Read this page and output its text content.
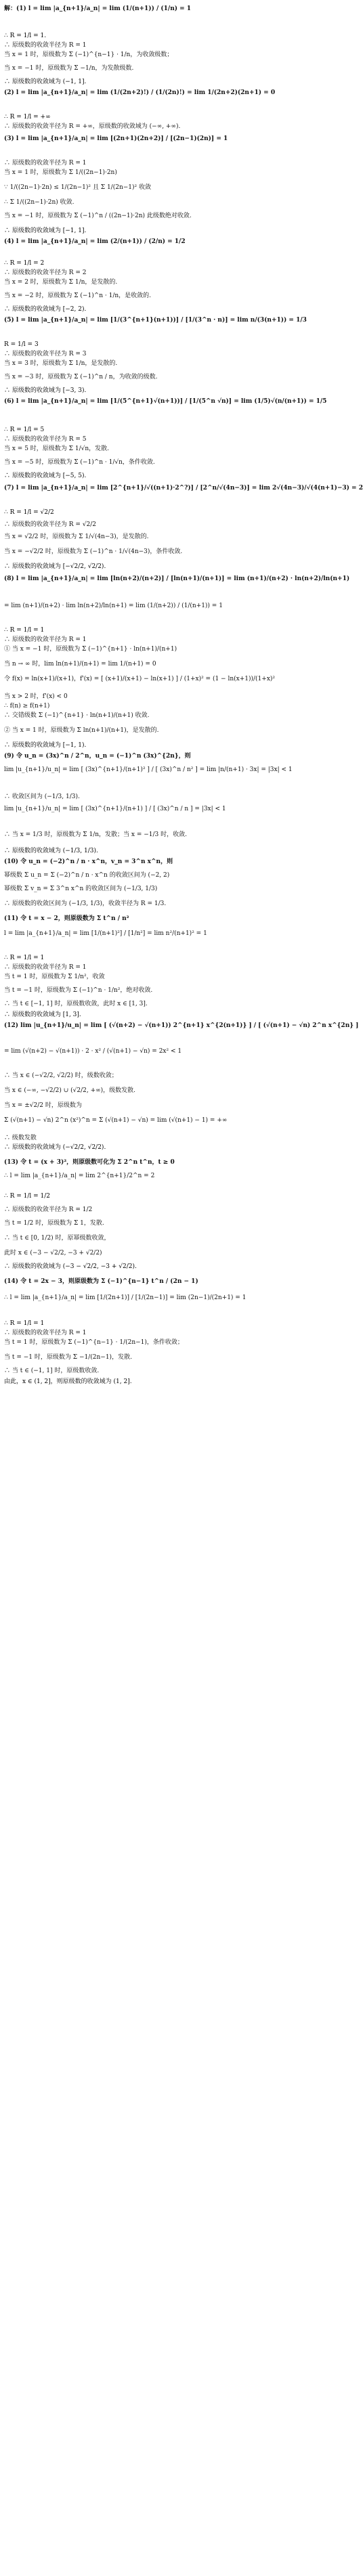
解：(1) l = lim |a_{n+1}/a_n| = lim (1/(n+1)) / (1/n) = 1
∴ R = 1/l = 1.
∴ 原级数的收敛半径为 R = 1
当 x = 1 时，原级数为 Σ (−1)^{n−1} · 1/n，为收敛级数；
当 x = −1 时，原级数为 Σ −1/n，为发散级数.
∴ 原级数的收敛域为 (−1, 1].
(2) l = lim |a_{n+1}/a_n| = lim (1/(2n+2)!) / (1/(2n)!) = lim 1/(2n+2)(2n+1) = 0
∴ R = 1/l = +∞
∴ 原级数的收敛半径为 R = +∞，原级数的收敛域为 (−∞, +∞).
(3) l = lim |a_{n+1}/a_n| = lim [(2n+1)(2n+2)] / [(2n−1)(2n)] = 1
∴ 原级数的收敛半径为 R = 1
当 x = 1 时，原级数为 Σ 1/((2n−1)·2n)
∵ 1/((2n−1)·2n) ≤ 1/(2n−1)² 且 Σ 1/(2n−1)² 收敛
∴ Σ 1/((2n−1)·2n) 收敛.
当 x = −1 时，原级数为 Σ (−1)^n / ((2n−1)·2n) 此级数绝对收敛.
∴ 原级数的收敛域为 [−1, 1].
(4) l = lim |a_{n+1}/a_n| = lim (2/(n+1)) / (2/n) = 1/2
∴ R = 1/l = 2
∴ 原级数的收敛半径为 R = 2
当 x = 2 时，原级数为 Σ 1/n，是发散的.
当 x = −2 时，原级数为 Σ (−1)^n · 1/n，是收敛的.
∴ 原级数的收敛域为 [−2, 2).
(5) l = lim |a_{n+1}/a_n| = lim [1/(3^{n+1}(n+1))] / [1/(3^n · n)] = lim n/(3(n+1)) = 1/3
R = 1/l = 3
∴ 原级数的收敛半径为 R = 3
当 x = 3 时，原级数为 Σ 1/n，是发散的.
当 x = −3 时，原级数为 Σ (−1)^n / n，为收敛的级数.
∴ 原级数的收敛域为 [−3, 3).
(6) l = lim |a_{n+1}/a_n| = lim [1/(5^{n+1}√(n+1))] / [1/(5^n √n)] = lim (1/5)√(n/(n+1)) = 1/5
∴ R = 1/l = 5
∴ 原级数的收敛半径为 R = 5
当 x = 5 时，原级数为 Σ 1/√n，发散.
当 x = −5 时，原级数为 Σ (−1)^n · 1/√n，条件收敛.
∴ 原级数的收敛域为 [−5, 5).
(7) l = lim |a_{n+1}/a_n| = lim [2^{n+1}/√((n+1)·2^?)] / [2^n/√(4n−3)] = lim 2√(4n−3)/√(4(n+1)−3) = 2
∴ R = 1/l = √2/2
∴ 原级数的收敛半径为 R = √2/2
当 x = √2/2 时，原级数为 Σ 1/√(4n−3)，是发散的.
当 x = −√2/2 时，原级数为 Σ (−1)^n · 1/√(4n−3)，条件收敛.
∴ 原级数的收敛域为 [−√2/2, √2/2).
(8) l = lim |a_{n+1}/a_n| = lim [ln(n+2)/(n+2)] / [ln(n+1)/(n+1)] = lim (n+1)/(n+2) · ln(n+2)/ln(n+1)
= lim (n+1)/(n+2) · lim ln(n+2)/ln(n+1) = lim (1/(n+2)) / (1/(n+1)) = 1
∴ R = 1/l = 1
∴ 原级数的收敛半径为 R = 1
① 当 x = −1 时，原级数为 Σ (−1)^{n+1} · ln(n+1)/(n+1)
当 n → ∞ 时，lim ln(n+1)/(n+1) = lim 1/(n+1) = 0
令 f(x) = ln(x+1)/(x+1)，f'(x) = [ (x+1)/(x+1) − ln(x+1) ] / (1+x)² = (1 − ln(x+1))/(1+x)²
当 x > 2 时，f'(x) < 0
∴ f(n) ≥ f(n+1)
∴ 交错级数 Σ (−1)^{n+1} · ln(n+1)/(n+1) 收敛.
② 当 x = 1 时，原级数为 Σ ln(n+1)/(n+1)，是发散的.
∴ 原级数的收敛域为 [−1, 1).
(9) 令 u_n = (3x)^n / 2^n，u_n = (−1)^n (3x)^{2n}，则
lim |u_{n+1}/u_n| = lim [ (3x)^{n+1}/(n+1)² ] / [ (3x)^n / n² ] = lim |n/(n+1) · 3x| = |3x| < 1
∴ 收敛区间为 (−1/3, 1/3).
lim |u_{n+1}/u_n| = lim [ (3x)^{n+1}/(n+1) ] / [ (3x)^n / n ] = |3x| < 1
∴ 当 x = 1/3 时，原级数为 Σ 1/n，发散；当 x = −1/3 时，收敛.
∴ 原级数的收敛域为 (−1/3, 1/3).
(10) 令 u_n = (−2)^n / n · x^n，v_n = 3^n x^n，则
幂级数 Σ u_n = Σ (−2)^n / n · x^n 的收敛区间为 (−2, 2)
幂级数 Σ v_n = Σ 3^n x^n 的收敛区间为 (−1/3, 1/3)
∴ 原级数的收敛区间为 (−1/3, 1/3)，收敛半径为 R = 1/3.
(11) 令 t = x − 2，则原级数为 Σ t^n / n²
l = lim |a_{n+1}/a_n| = lim [1/(n+1)²] / [1/n²] = lim n²/(n+1)² = 1
∴ R = 1/l = 1
∴ 原级数的收敛半径为 R = 1
当 t = 1 时，原级数为 Σ 1/n²，收敛
当 t = −1 时，原级数为 Σ (−1)^n · 1/n²，绝对收敛.
∴ 当 t ∈ [−1, 1] 时，原级数收敛，此时 x ∈ [1, 3].
∴ 原级数的收敛域为 [1, 3].
(12) lim |u_{n+1}/u_n| = lim [ (√(n+2) − √(n+1)) 2^{n+1} x^{2(n+1)} ] / [ (√(n+1) − √n) 2^n x^{2n} ]
= lim (√(n+2) − √(n+1)) · 2 · x² / (√(n+1) − √n) = 2x² < 1
∴ 当 x ∈ (−√2/2, √2/2) 时，级数收敛；
当 x ∈ (−∞, −√2/2) ∪ (√2/2, +∞)，级数发散.
当 x = ±√2/2 时，原级数为
Σ (√(n+1) − √n) 2^n (x²)^n = Σ (√(n+1) − √n) = lim (√(n+1) − 1) = +∞
∴ 级数发散
∴ 原级数的收敛域为 (−√2/2, √2/2).
(13) 令 t = (x + 3)²，则原级数可化为 Σ 2^n t^n，t ≥ 0
∴ l = lim |a_{n+1}/a_n| = lim 2^{n+1}/2^n = 2
∴ R = 1/l = 1/2
∴ 原级数的收敛半径为 R = 1/2
当 t = 1/2 时，原级数为 Σ 1，发散.
∴ 当 t ∈ [0, 1/2) 时，原幂级数收敛，
此时 x ∈ (−3 − √2/2, −3 + √2/2)
∴ 原级数的收敛域为 (−3 − √2/2, −3 + √2/2).
(14) 令 t = 2x − 3，则原级数为 Σ (−1)^{n−1} t^n / (2n − 1)
∴ l = lim |a_{n+1}/a_n| = lim [1/(2n+1)] / [1/(2n−1)] = lim (2n−1)/(2n+1) = 1
∴ R = 1/l = 1
∴ 原级数的收敛半径为 R = 1
当 t = 1 时，原级数为 Σ (−1)^{n−1} · 1/(2n−1)，条件收敛；
当 t = −1 时，原级数为 Σ −1/(2n−1)，发散.
∴ 当 t ∈ (−1, 1] 时，原级数收敛.
由此，x ∈ (1, 2]，则原级数的收敛域为 (1, 2].
